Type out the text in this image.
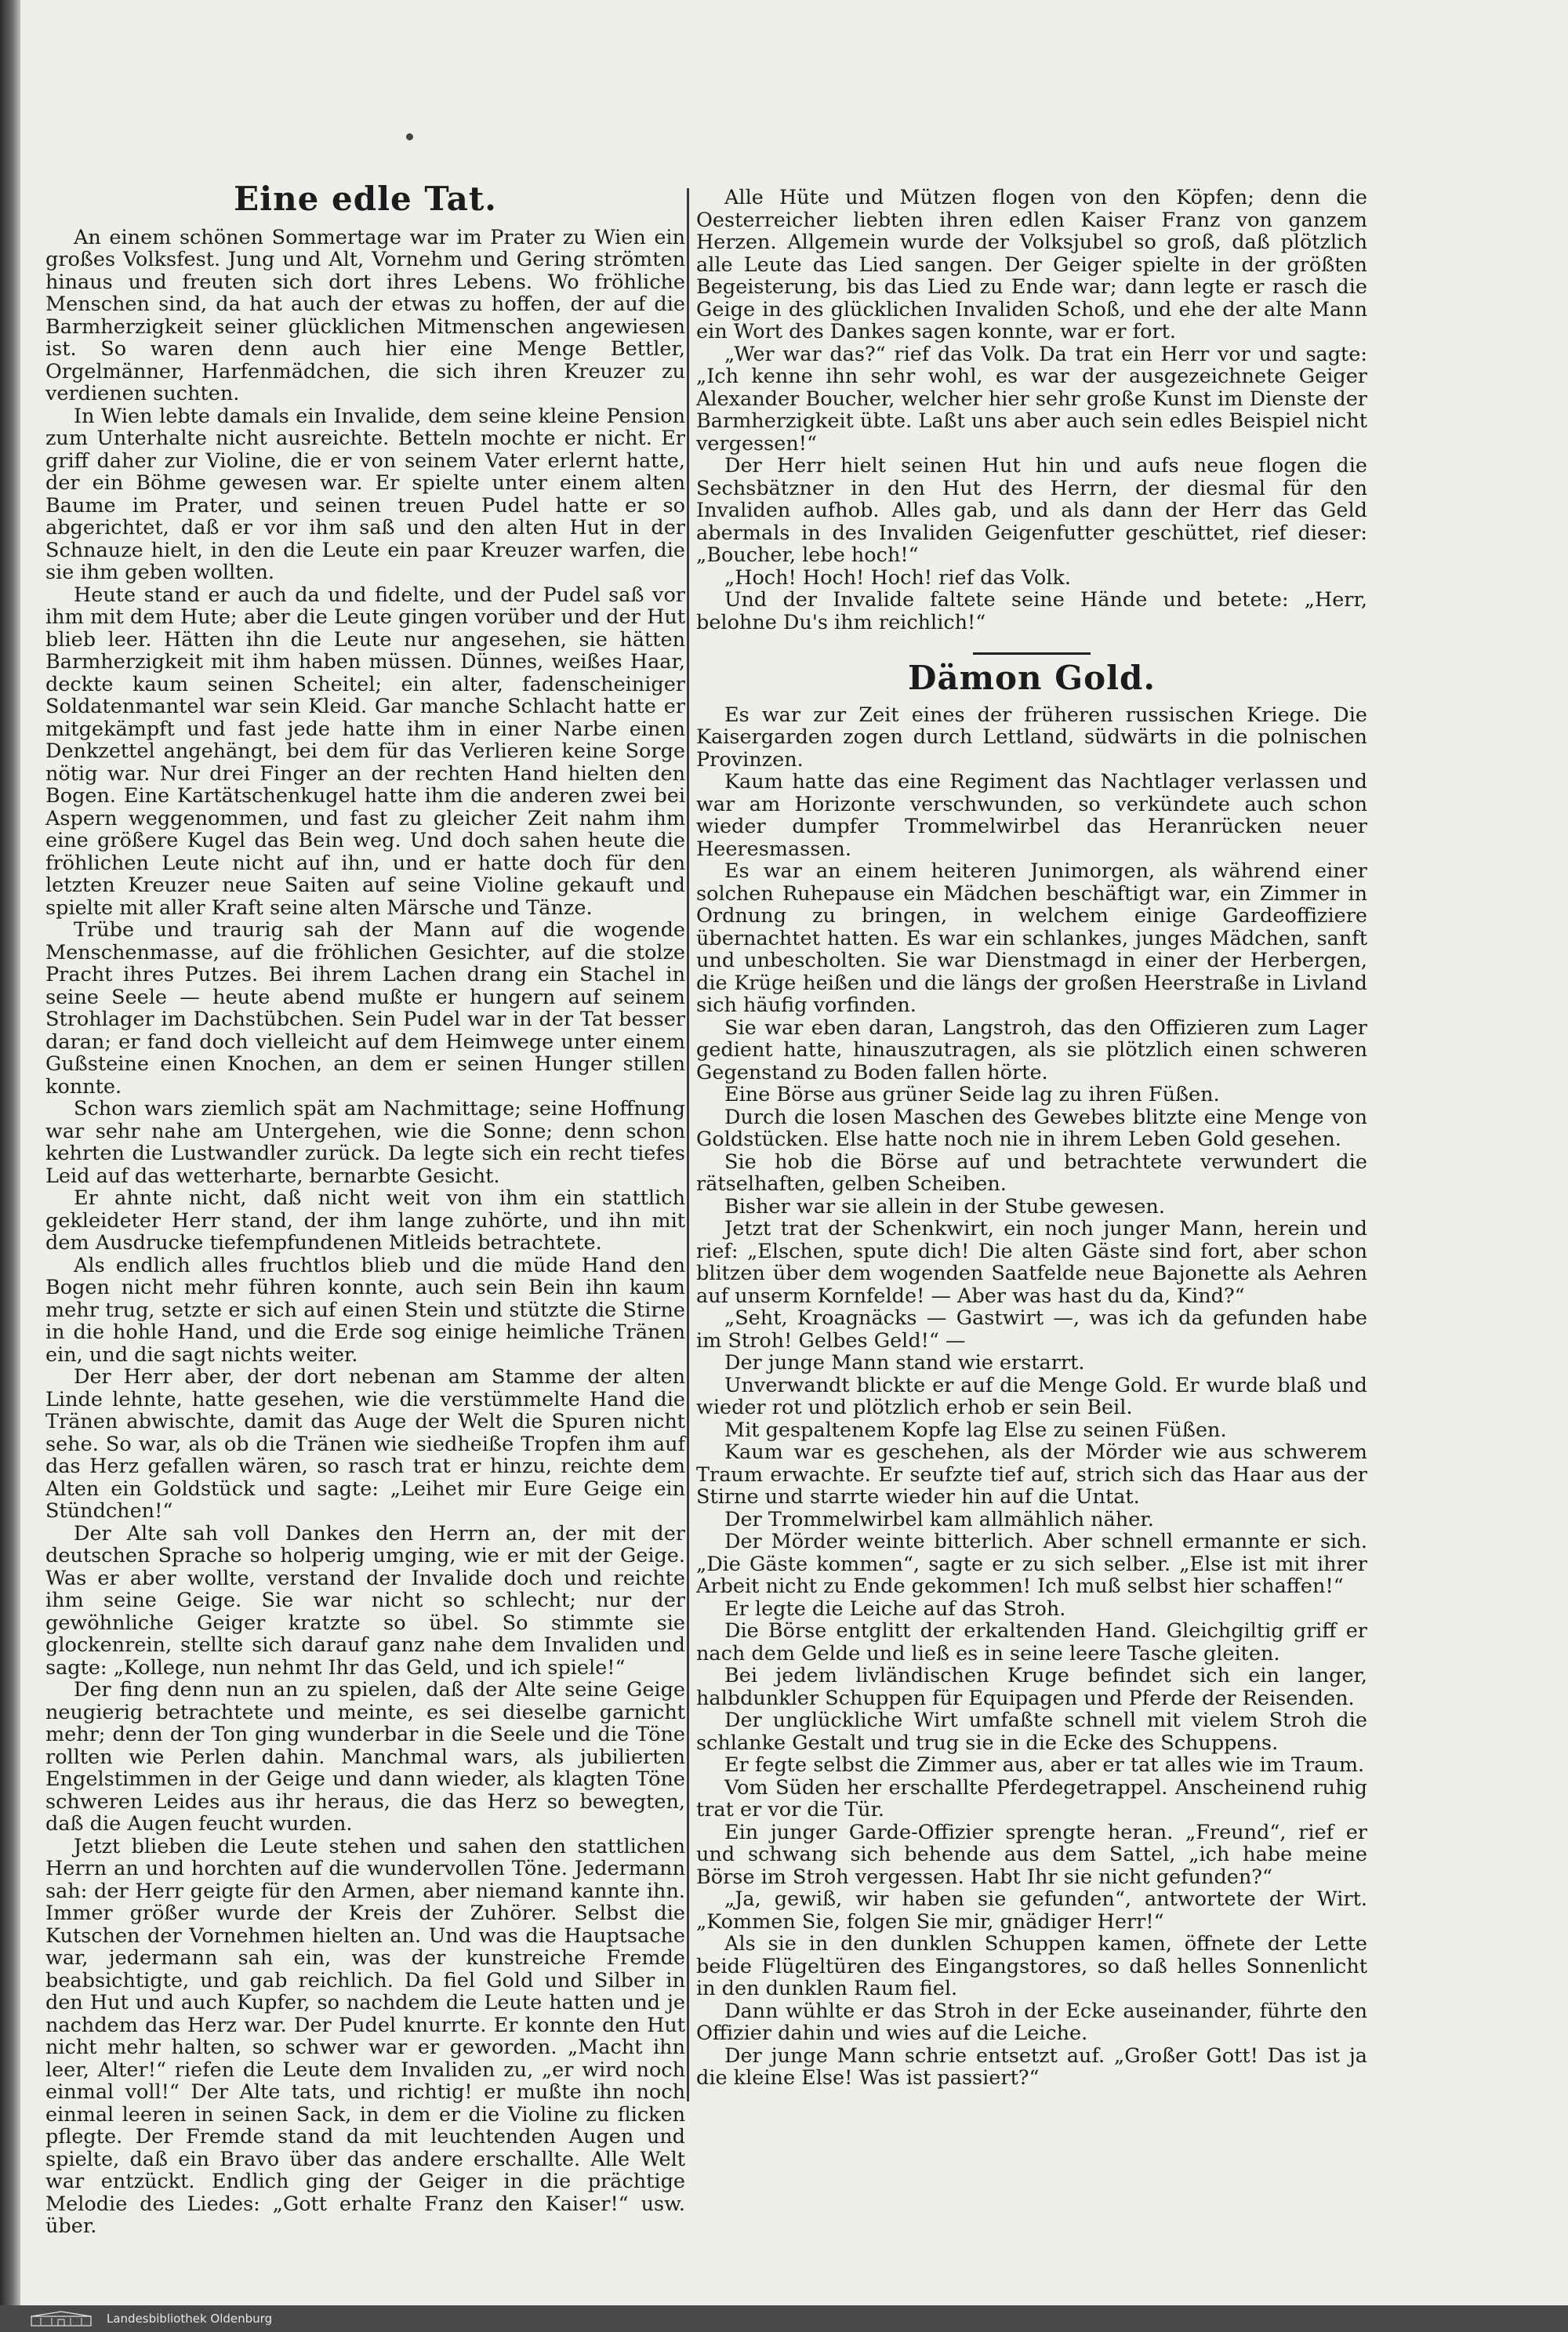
Eine edle Tat.

An einem schönen Sommertage war im Prater zu Wien ein großes Volksfest. Jung und Alt, Vornehm und Gering strömten hinaus und freuten sich dort ihres Lebens. Wo fröhliche Menschen sind, da hat auch der etwas zu hoffen, der auf die Barmherzigkeit seiner glücklichen Mitmenschen angewiesen ist. So waren denn auch hier eine Menge Bettler, Orgelmänner, Harfenmädchen, die sich ihren Kreuzer zu verdienen suchten.

In Wien lebte damals ein Invalide, dem seine kleine Pension zum Unterhalte nicht ausreichte. Betteln mochte er nicht. Er griff daher zur Violine, die er von seinem Vater erlernt hatte, der ein Böhme gewesen war. Er spielte unter einem alten Baume im Prater, und seinen treuen Pudel hatte er so abgerichtet, daß er vor ihm saß und den alten Hut in der Schnauze hielt, in den die Leute ein paar Kreuzer warfen, die sie ihm geben wollten.

Heute stand er auch da und fidelte, und der Pudel saß vor ihm mit dem Hute; aber die Leute gingen vorüber und der Hut blieb leer. Hätten ihn die Leute nur angesehen, sie hätten Barmherzigkeit mit ihm haben müssen. Dünnes, weißes Haar, deckte kaum seinen Scheitel; ein alter, fadenscheiniger Soldatenmantel war sein Kleid. Gar manche Schlacht hatte er mitgekämpft und fast jede hatte ihm in einer Narbe einen Denkzettel angehängt, bei dem für das Verlieren keine Sorge nötig war. Nur drei Finger an der rechten Hand hielten den Bogen. Eine Kartätschenkugel hatte ihm die anderen zwei bei Aspern weggenommen, und fast zu gleicher Zeit nahm ihm eine größere Kugel das Bein weg. Und doch sahen heute die fröhlichen Leute nicht auf ihn, und er hatte doch für den letzten Kreuzer neue Saiten auf seine Violine gekauft und spielte mit aller Kraft seine alten Märsche und Tänze.

Trübe und traurig sah der Mann auf die wogende Menschenmasse, auf die fröhlichen Gesichter, auf die stolze Pracht ihres Putzes. Bei ihrem Lachen drang ein Stachel in seine Seele — heute abend mußte er hungern auf seinem Strohlager im Dachstübchen. Sein Pudel war in der Tat besser daran; er fand doch vielleicht auf dem Heimwege unter einem Gußsteine einen Knochen, an dem er seinen Hunger stillen konnte.

Schon wars ziemlich spät am Nachmittage; seine Hoffnung war sehr nahe am Untergehen, wie die Sonne; denn schon kehrten die Lustwandler zurück. Da legte sich ein recht tiefes Leid auf das wetterharte, bernarbte Gesicht.

Er ahnte nicht, daß nicht weit von ihm ein stattlich gekleideter Herr stand, der ihm lange zuhörte, und ihn mit dem Ausdrucke tiefempfundenen Mitleids betrachtete.

Als endlich alles fruchtlos blieb und die müde Hand den Bogen nicht mehr führen konnte, auch sein Bein ihn kaum mehr trug, setzte er sich auf einen Stein und stützte die Stirne in die hohle Hand, und die Erde sog einige heimliche Tränen ein, und die sagt nichts weiter.

Der Herr aber, der dort nebenan am Stamme der alten Linde lehnte, hatte gesehen, wie die verstümmelte Hand die Tränen abwischte, damit das Auge der Welt die Spuren nicht sehe. So war, als ob die Tränen wie siedheiße Tropfen ihm auf das Herz gefallen wären, so rasch trat er hinzu, reichte dem Alten ein Goldstück und sagte: „Leihet mir Eure Geige ein Stündchen!“

Der Alte sah voll Dankes den Herrn an, der mit der deutschen Sprache so holperig umging, wie er mit der Geige. Was er aber wollte, verstand der Invalide doch und reichte ihm seine Geige. Sie war nicht so schlecht; nur der gewöhnliche Geiger kratzte so übel. So stimmte sie glockenrein, stellte sich darauf ganz nahe dem Invaliden und sagte: „Kollege, nun nehmt Ihr das Geld, und ich spiele!“

Der fing denn nun an zu spielen, daß der Alte seine Geige neugierig betrachtete und meinte, es sei dieselbe garnicht mehr; denn der Ton ging wunderbar in die Seele und die Töne rollten wie Perlen dahin. Manchmal wars, als jubilierten Engelstimmen in der Geige und dann wieder, als klagten Töne schweren Leides aus ihr heraus, die das Herz so bewegten, daß die Augen feucht wurden.

Jetzt blieben die Leute stehen und sahen den stattlichen Herrn an und horchten auf die wundervollen Töne. Jedermann sah: der Herr geigte für den Armen, aber niemand kannte ihn. Immer größer wurde der Kreis der Zuhörer. Selbst die Kutschen der Vornehmen hielten an. Und was die Hauptsache war, jedermann sah ein, was der kunstreiche Fremde beabsichtigte, und gab reichlich. Da fiel Gold und Silber in den Hut und auch Kupfer, so nachdem die Leute hatten und je nachdem das Herz war. Der Pudel knurrte. Er konnte den Hut nicht mehr halten, so schwer war er geworden. „Macht ihn leer, Alter!“ riefen die Leute dem Invaliden zu, „er wird noch einmal voll!“ Der Alte tats, und richtig! er mußte ihn noch einmal leeren in seinen Sack, in dem er die Violine zu flicken pflegte. Der Fremde stand da mit leuchtenden Augen und spielte, daß ein Bravo über das andere erschallte. Alle Welt war entzückt. Endlich ging der Geiger in die prächtige Melodie des Liedes: „Gott erhalte Franz den Kaiser!“ usw. über.

Alle Hüte und Mützen flogen von den Köpfen; denn die Oesterreicher liebten ihren edlen Kaiser Franz von ganzem Herzen. Allgemein wurde der Volksjubel so groß, daß plötzlich alle Leute das Lied sangen. Der Geiger spielte in der größten Begeisterung, bis das Lied zu Ende war; dann legte er rasch die Geige in des glücklichen Invaliden Schoß, und ehe der alte Mann ein Wort des Dankes sagen konnte, war er fort.

„Wer war das?“ rief das Volk. Da trat ein Herr vor und sagte: „Ich kenne ihn sehr wohl, es war der ausgezeichnete Geiger Alexander Boucher, welcher hier sehr große Kunst im Dienste der Barmherzigkeit übte. Laßt uns aber auch sein edles Beispiel nicht vergessen!“

Der Herr hielt seinen Hut hin und aufs neue flogen die Sechsbätzner in den Hut des Herrn, der diesmal für den Invaliden aufhob. Alles gab, und als dann der Herr das Geld abermals in des Invaliden Geigenfutter geschüttet, rief dieser: „Boucher, lebe hoch!“

„Hoch! Hoch! Hoch! rief das Volk.

Und der Invalide faltete seine Hände und betete: „Herr, belohne Du's ihm reichlich!“

Dämon Gold.

Es war zur Zeit eines der früheren russischen Kriege. Die Kaisergarden zogen durch Lettland, südwärts in die polnischen Provinzen.

Kaum hatte das eine Regiment das Nachtlager verlassen und war am Horizonte verschwunden, so verkündete auch schon wieder dumpfer Trommelwirbel das Heranrücken neuer Heeresmassen.

Es war an einem heiteren Junimorgen, als während einer solchen Ruhepause ein Mädchen beschäftigt war, ein Zimmer in Ordnung zu bringen, in welchem einige Gardeoffiziere übernachtet hatten. Es war ein schlankes, junges Mädchen, sanft und unbescholten. Sie war Dienstmagd in einer der Herbergen, die Krüge heißen und die längs der großen Heerstraße in Livland sich häufig vorfinden.

Sie war eben daran, Langstroh, das den Offizieren zum Lager gedient hatte, hinauszutragen, als sie plötzlich einen schweren Gegenstand zu Boden fallen hörte.

Eine Börse aus grüner Seide lag zu ihren Füßen.

Durch die losen Maschen des Gewebes blitzte eine Menge von Goldstücken. Else hatte noch nie in ihrem Leben Gold gesehen.

Sie hob die Börse auf und betrachtete verwundert die rätselhaften, gelben Scheiben.

Bisher war sie allein in der Stube gewesen.

Jetzt trat der Schenkwirt, ein noch junger Mann, herein und rief: „Elschen, spute dich! Die alten Gäste sind fort, aber schon blitzen über dem wogenden Saatfelde neue Bajonette als Aehren auf unserm Kornfelde! — Aber was hast du da, Kind?“

„Seht, Kroagnäcks — Gastwirt —, was ich da gefunden habe im Stroh! Gelbes Geld!“ —

Der junge Mann stand wie erstarrt.

Unverwandt blickte er auf die Menge Gold. Er wurde blaß und wieder rot und plötzlich erhob er sein Beil.

Mit gespaltenem Kopfe lag Else zu seinen Füßen.

Kaum war es geschehen, als der Mörder wie aus schwerem Traum erwachte. Er seufzte tief auf, strich sich das Haar aus der Stirne und starrte wieder hin auf die Untat.

Der Trommelwirbel kam allmählich näher.

Der Mörder weinte bitterlich. Aber schnell ermannte er sich. „Die Gäste kommen“, sagte er zu sich selber. „Else ist mit ihrer Arbeit nicht zu Ende gekommen! Ich muß selbst hier schaffen!“

Er legte die Leiche auf das Stroh.

Die Börse entglitt der erkaltenden Hand. Gleichgiltig griff er nach dem Gelde und ließ es in seine leere Tasche gleiten.

Bei jedem livländischen Kruge befindet sich ein langer, halbdunkler Schuppen für Equipagen und Pferde der Reisenden.

Der unglückliche Wirt umfaßte schnell mit vielem Stroh die schlanke Gestalt und trug sie in die Ecke des Schuppens.

Er fegte selbst die Zimmer aus, aber er tat alles wie im Traum.

Vom Süden her erschallte Pferdegetrappel. Anscheinend ruhig trat er vor die Tür.

Ein junger Garde-Offizier sprengte heran. „Freund“, rief er und schwang sich behende aus dem Sattel, „ich habe meine Börse im Stroh vergessen. Habt Ihr sie nicht gefunden?“

„Ja, gewiß, wir haben sie gefunden“, antwortete der Wirt. „Kommen Sie, folgen Sie mir, gnädiger Herr!“

Als sie in den dunklen Schuppen kamen, öffnete der Lette beide Flügeltüren des Eingangstores, so daß helles Sonnenlicht in den dunklen Raum fiel.

Dann wühlte er das Stroh in der Ecke auseinander, führte den Offizier dahin und wies auf die Leiche.

Der junge Mann schrie entsetzt auf. „Großer Gott! Das ist ja die kleine Else! Was ist passiert?“

Landesbibliothek Oldenburg
